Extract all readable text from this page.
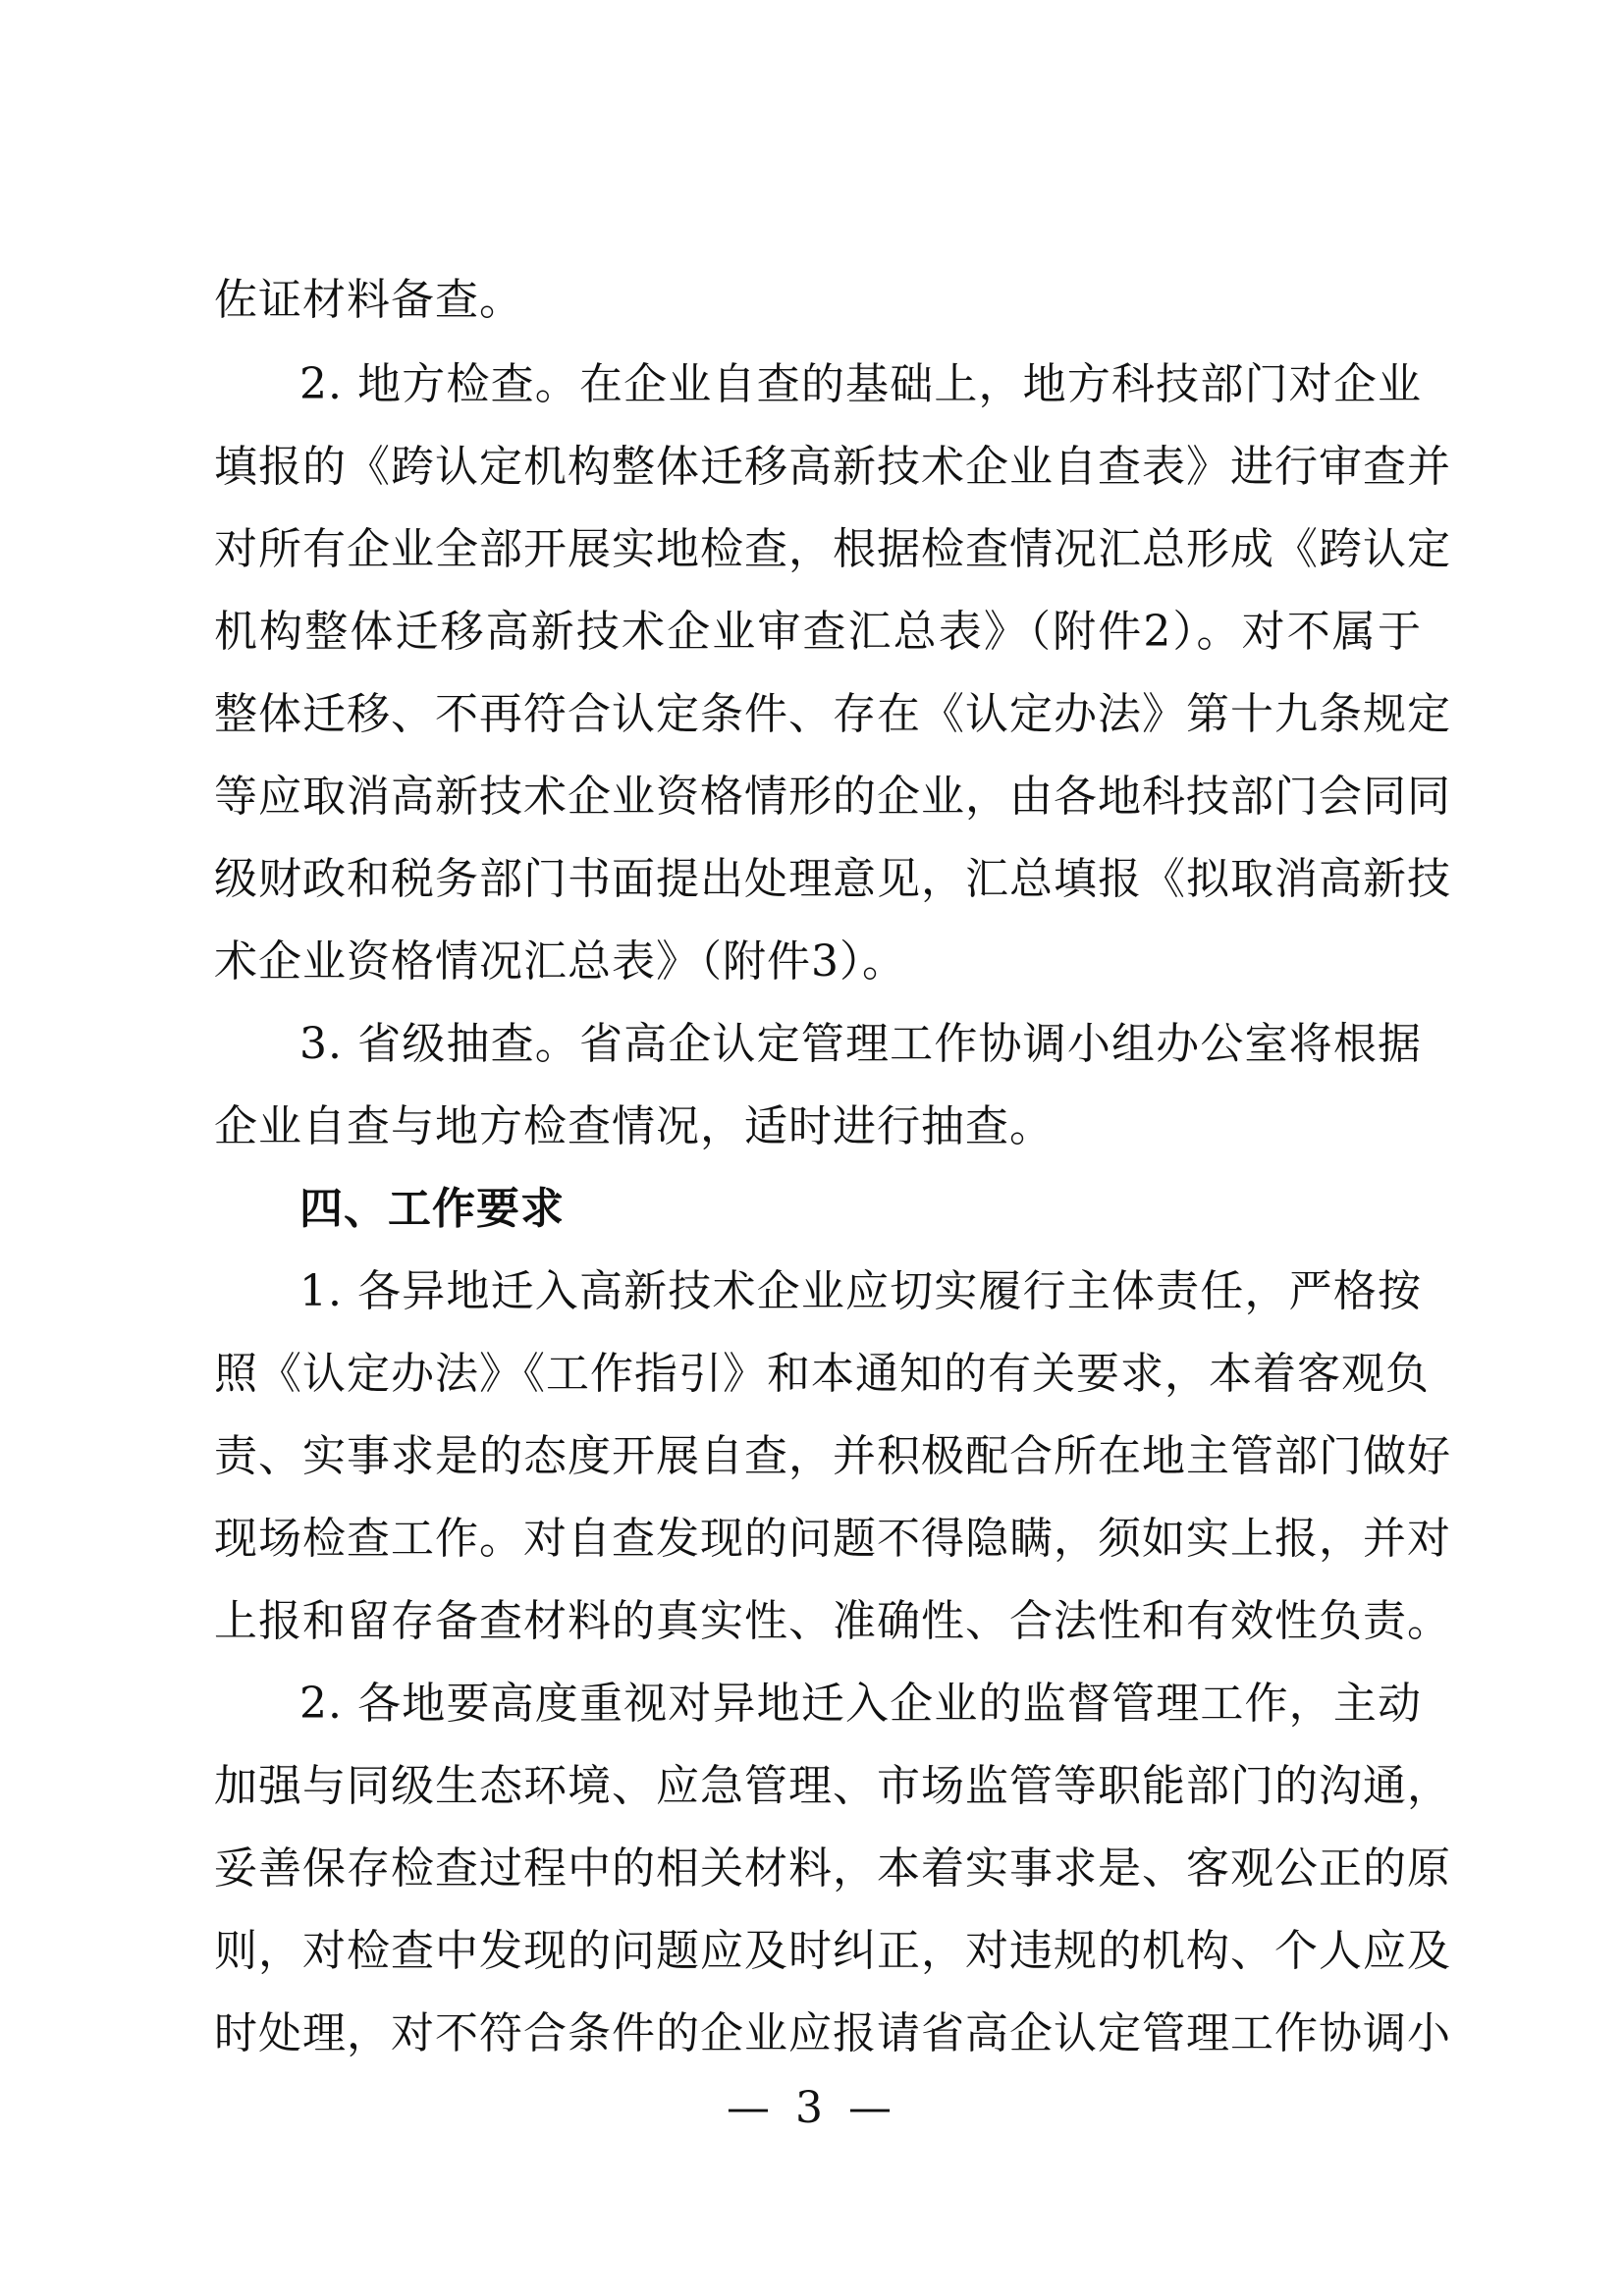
佐证材料备查。
2. 地方检查。在企业自查的基础上，地方科技部门对企业
填报的《跨认定机构整体迁移高新技术企业自查表》进行审查并
对所有企业全部开展实地检查，根据检查情况汇总形成《跨认定
机构整体迁移高新技术企业审查汇总表》（附件2）。对不属于
整体迁移、不再符合认定条件、存在《认定办法》第十九条规定
等应取消高新技术企业资格情形的企业，由各地科技部门会同同
级财政和税务部门书面提出处理意见，汇总填报《拟取消高新技
术企业资格情况汇总表》（附件3）。
3. 省级抽查。省高企认定管理工作协调小组办公室将根据
企业自查与地方检查情况，适时进行抽查。
四、工作要求
1. 各异地迁入高新技术企业应切实履行主体责任，严格按
照《认定办法》《工作指引》和本通知的有关要求，本着客观负
责、实事求是的态度开展自查，并积极配合所在地主管部门做好
现场检查工作。对自查发现的问题不得隐瞒，须如实上报，并对
上报和留存备查材料的真实性、准确性、合法性和有效性负责。
2. 各地要高度重视对异地迁入企业的监督管理工作，主动
加强与同级生态环境、应急管理、市场监管等职能部门的沟通，
妥善保存检查过程中的相关材料，本着实事求是、客观公正的原
则，对检查中发现的问题应及时纠正，对违规的机构、个人应及
时处理，对不符合条件的企业应报请省高企认定管理工作协调小
— 3 —
